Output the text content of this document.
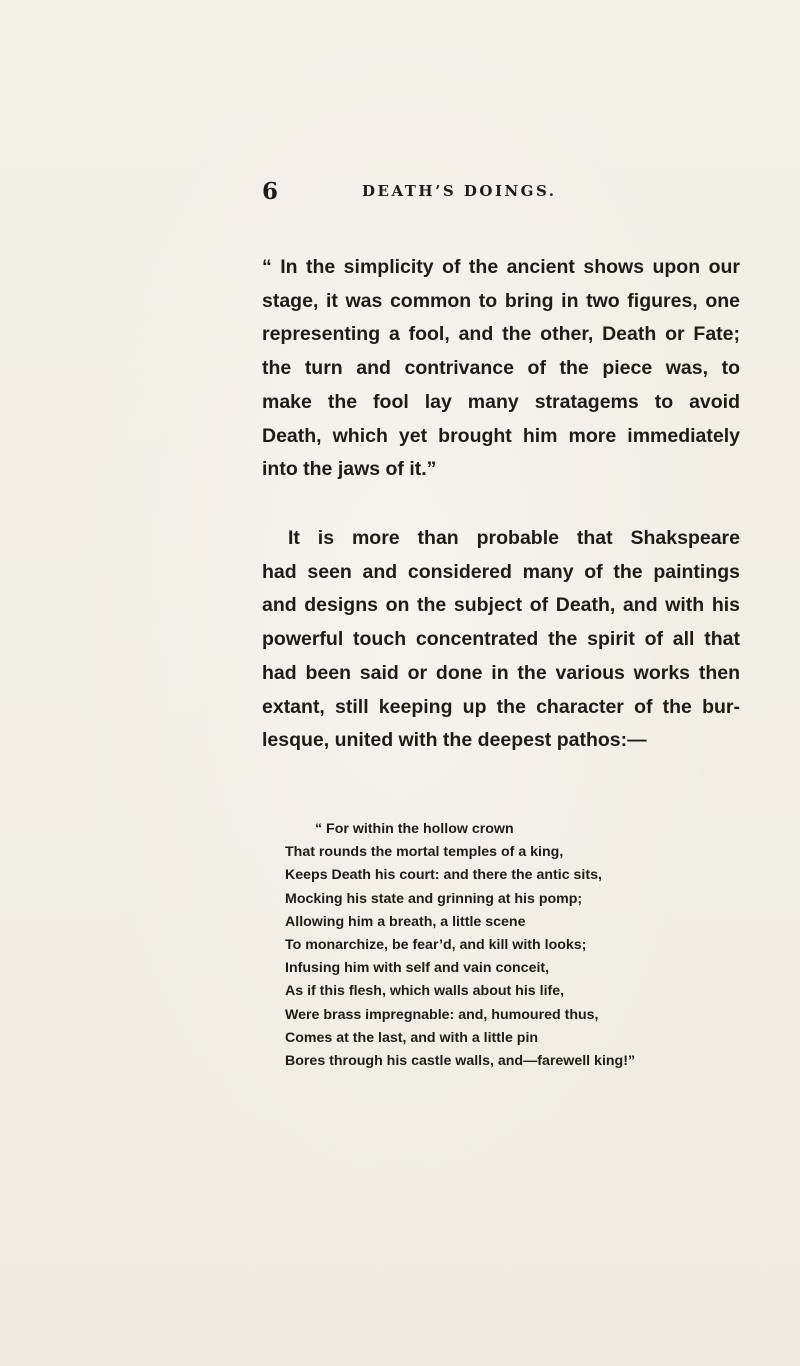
6	DEATH’S DOINGS.
“ In the simplicity of the ancient shows upon our
stage, it was common to bring in two figures, one
representing a fool, and the other, Death or Fate;
the turn and contrivance of the piece was, to
make the fool lay many stratagems to avoid
Death, which yet brought him more immediately
into the jaws of it.”
It is more than probable that Shakspeare
had seen and considered many of the paintings
and designs on the subject of Death, and with his
powerful touch concentrated the spirit of all that
had been said or done in the various works then
extant, still keeping up the character of the bur-
lesque, united with the deepest pathos:—
“ For within the hollow crown
That rounds the mortal temples of a king,
Keeps Death his court: and there the antic sits,
Mocking his state and grinning at his pomp;
Allowing him a breath, a little scene
To monarchize, be fear’d, and kill with looks;
Infusing him with self and vain conceit,
As if this flesh, which walls about his life,
Were brass impregnable: and, humoured thus,
Comes at the last, and with a little pin
Bores through his castle walls, and—farewell king!”
